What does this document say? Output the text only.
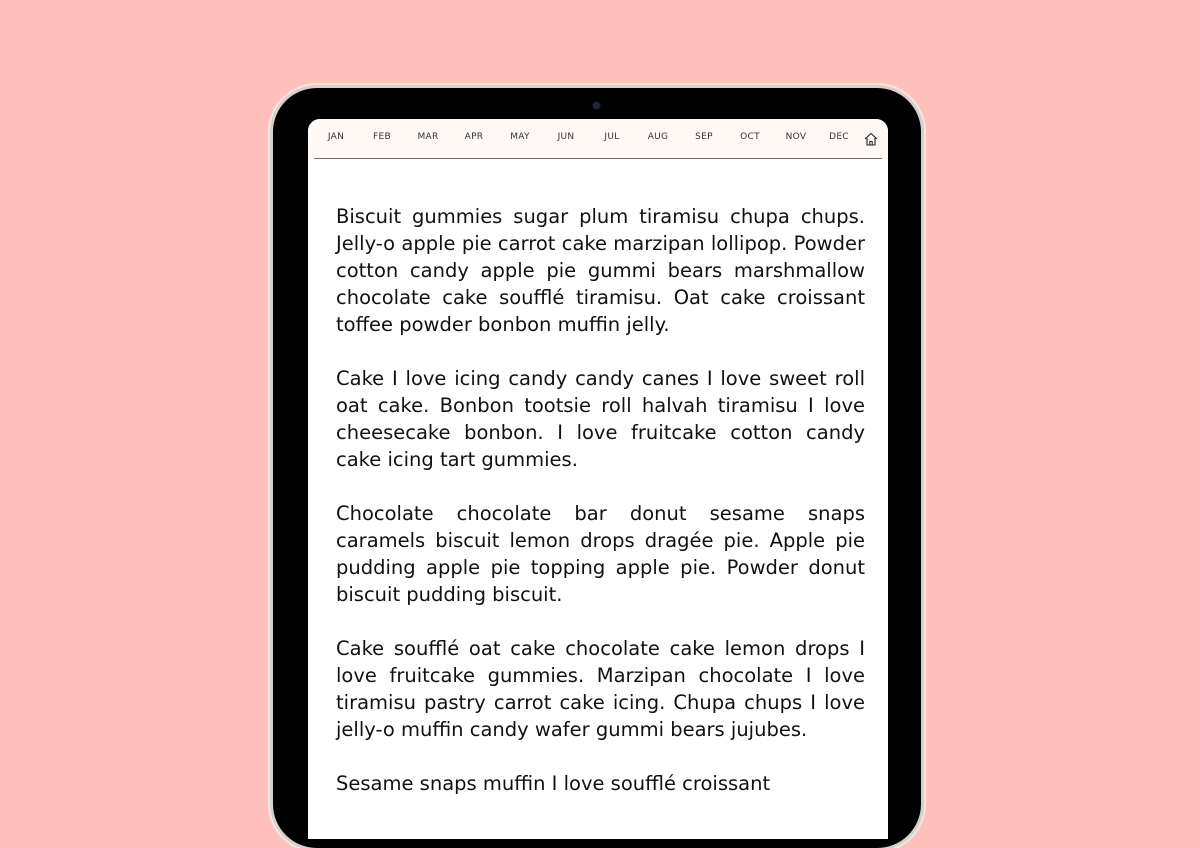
JAN	FEB	MAR	APR	MAY	JUN	JUL	AUG	SEP	OCT	NOV	DEC

Biscuit gummies sugar plum tiramisu chupa chups. Jelly-o apple pie carrot cake marzipan lollipop. Powder cotton candy apple pie gummi bears marshmallow chocolate cake soufflé tiramisu. Oat cake croissant toffee powder bonbon muffin jelly.

Cake I love icing candy candy canes I love sweet roll oat cake. Bonbon tootsie roll halvah tiramisu I love cheesecake bonbon. I love fruitcake cotton candy cake icing tart gummies.

Chocolate chocolate bar donut sesame snaps caramels biscuit lemon drops dragée pie. Apple pie pudding apple pie topping apple pie. Powder donut biscuit pudding biscuit.

Cake soufflé oat cake chocolate cake lemon drops I love fruitcake gummies. Marzipan chocolate I love tiramisu pastry carrot cake icing. Chupa chups I love jelly-o muffin candy wafer gummi bears jujubes.

Sesame snaps muffin I love soufflé croissant
